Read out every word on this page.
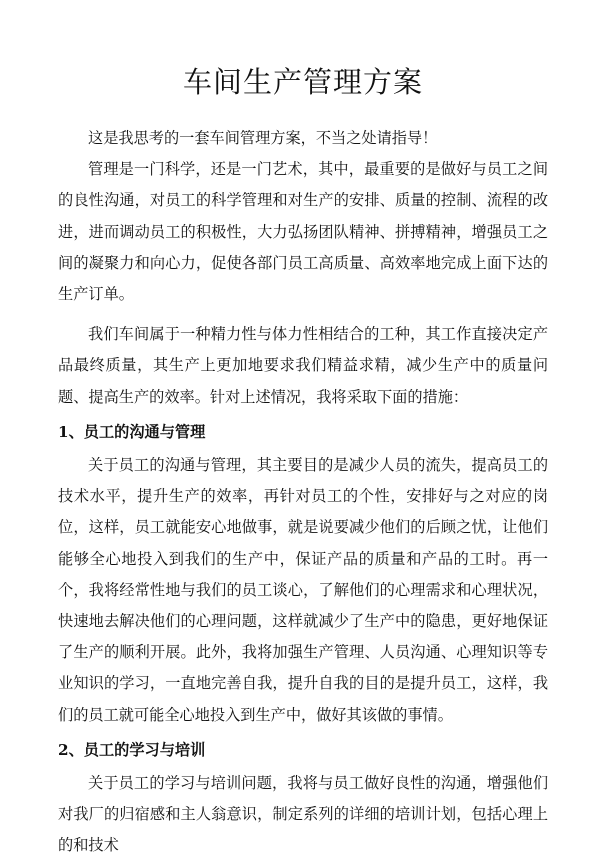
车间生产管理方案

这是我思考的一套车间管理方案，不当之处请指导！

管理是一门科学，还是一门艺术，其中，最重要的是做好与员工之间的良性沟通，对员工的科学管理和对生产的安排、质量的控制、流程的改进，进而调动员工的积极性，大力弘扬团队精神、拼搏精神，增强员工之间的凝聚力和向心力，促使各部门员工高质量、高效率地完成上面下达的生产订单。

我们车间属于一种精力性与体力性相结合的工种，其工作直接决定产品最终质量，其生产上更加地要求我们精益求精，减少生产中的质量问题、提高生产的效率。针对上述情况，我将采取下面的措施：

1、员工的沟通与管理

关于员工的沟通与管理，其主要目的是减少人员的流失，提高员工的技术水平，提升生产的效率，再针对员工的个性，安排好与之对应的岗位，这样，员工就能安心地做事，就是说要减少他们的后顾之忧，让他们能够全心地投入到我们的生产中，保证产品的质量和产品的工时。再一个，我将经常性地与我们的员工谈心，了解他们的心理需求和心理状况，快速地去解决他们的心理问题，这样就减少了生产中的隐患，更好地保证了生产的顺利开展。此外，我将加强生产管理、人员沟通、心理知识等专业知识的学习，一直地完善自我，提升自我的目的是提升员工，这样，我们的员工就可能全心地投入到生产中，做好其该做的事情。

2、员工的学习与培训

关于员工的学习与培训问题，我将与员工做好良性的沟通，增强他们对我厂的归宿感和主人翁意识，制定系列的详细的培训计划，包括心理上的和技术
